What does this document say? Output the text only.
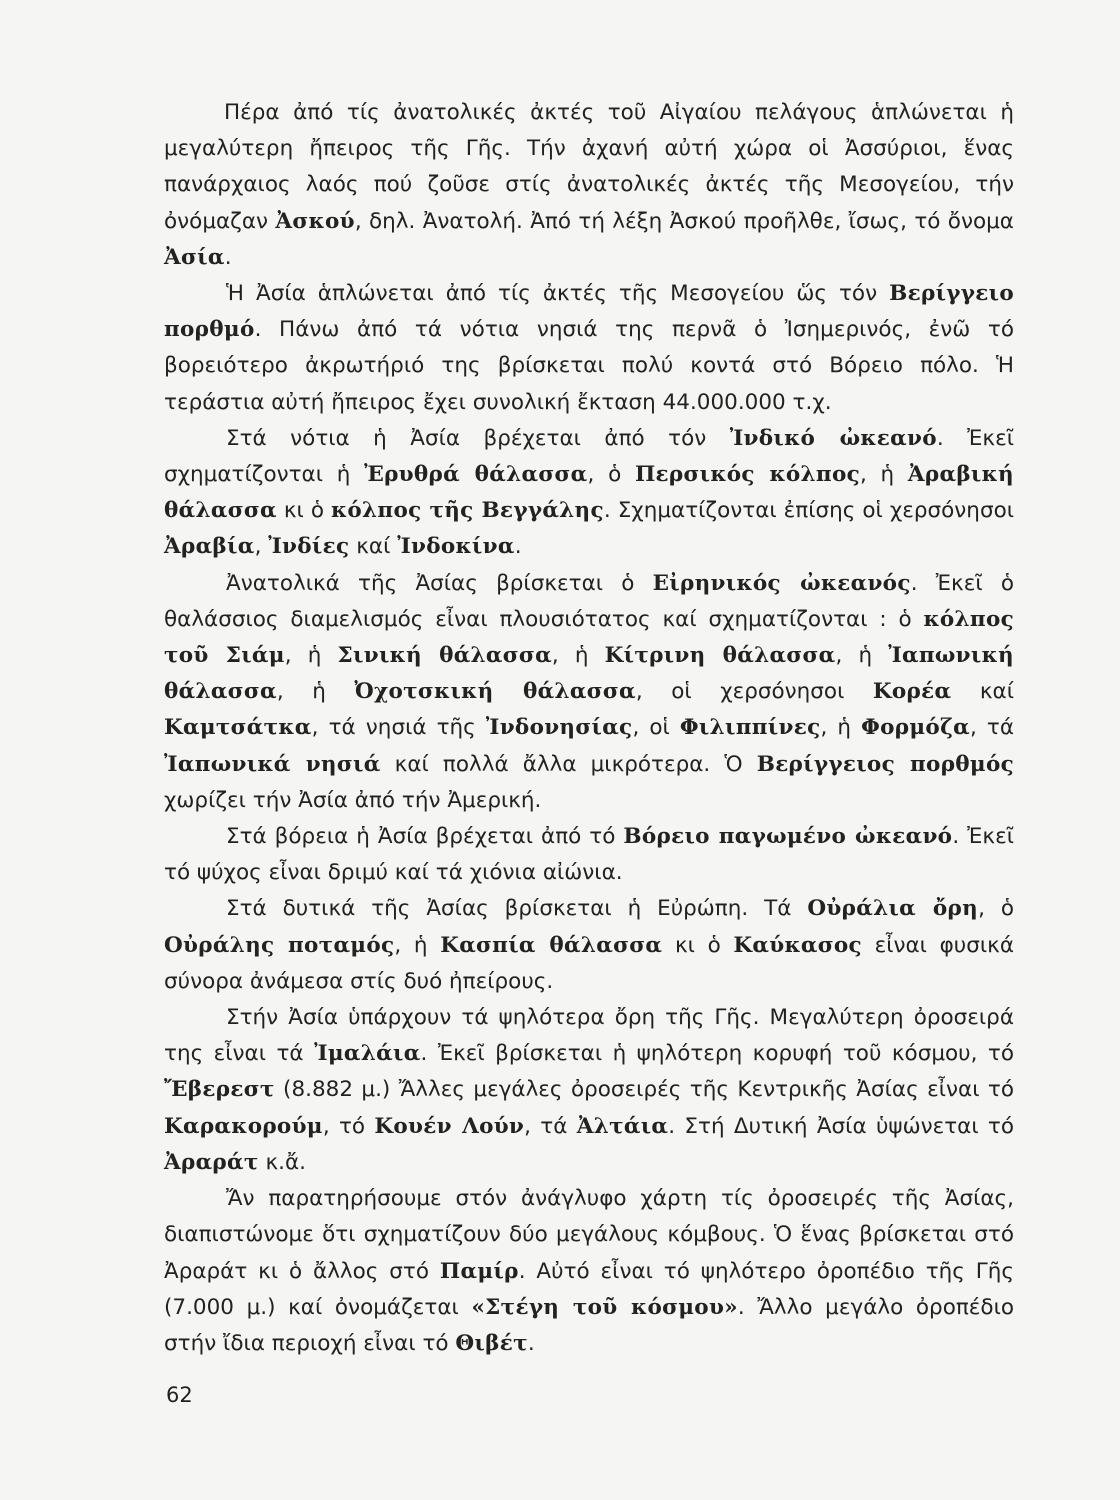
Πέρα ἀπό τίς ἀνατολικές ἀκτές τοῦ Αἰγαίου πελάγους ἁπλώνεται ἡ μεγαλύτερη ἤπειρος τῆς Γῆς. Τήν ἀχανή αὐτή χώρα οἱ Ἀσσύριοι, ἕνας πανάρχαιος λαός πού ζοῦσε στίς ἀνατολικές ἀκτές τῆς Μεσογείου, τήν ὀνόμαζαν Ἀσκού, δηλ. Ἀνατολή. Ἀπό τή λέξη Ἀσκού προῆλθε, ἴσως, τό ὄνομα Ἀσία.

Ἡ Ἀσία ἁπλώνεται ἀπό τίς ἀκτές τῆς Μεσογείου ὥς τόν Βερίγγειο πορθμό. Πάνω ἀπό τά νότια νησιά της περνᾶ ὁ Ἰσημερινός, ἐνῶ τό βορειότερο ἀκρωτήριό της βρίσκεται πολύ κοντά στό Βόρειο πόλο. Ἡ τεράστια αὐτή ἤπειρος ἔχει συνολική ἔκταση 44.000.000 τ.χ.

Στά νότια ἡ Ἀσία βρέχεται ἀπό τόν Ἰνδικό ὠκεανό. Ἐκεῖ σχηματίζονται ἡ Ἐρυθρά θάλασσα, ὁ Περσικός κόλπος, ἡ Ἀραβική θάλασσα κι ὁ κόλπος τῆς Βεγγάλης. Σχηματίζονται ἐπίσης οἱ χερσόνησοι Ἀραβία, Ἰνδίες καί Ἰνδοκίνα.

Ἀνατολικά τῆς Ἀσίας βρίσκεται ὁ Εἰρηνικός ὠκεανός. Ἐκεῖ ὁ θαλάσσιος διαμελισμός εἶναι πλουσιότατος καί σχηματίζονται : ὁ κόλπος τοῦ Σιάμ, ἡ Σινική θάλασσα, ἡ Κίτρινη θάλασσα, ἡ Ἰαπωνική θάλασσα, ἡ Ὀχοτσκική θάλασσα, οἱ χερσόνησοι Κορέα καί Καμτσάτκα, τά νησιά τῆς Ἰνδονησίας, οἱ Φιλιππίνες, ἡ Φορμόζα, τά Ἰαπωνικά νησιά καί πολλά ἄλλα μικρότερα. Ὁ Βερίγγειος πορθμός χωρίζει τήν Ἀσία ἀπό τήν Ἀμερική.

Στά βόρεια ἡ Ἀσία βρέχεται ἀπό τό Βόρειο παγωμένο ὠκεανό. Ἐκεῖ τό ψύχος εἶναι δριμύ καί τά χιόνια αἰώνια.

Στά δυτικά τῆς Ἀσίας βρίσκεται ἡ Εὐρώπη. Τά Οὐράλια ὄρη, ὁ Οὐράλης ποταμός, ἡ Κασπία θάλασσα κι ὁ Καύκασος εἶναι φυσικά σύνορα ἀνάμεσα στίς δυό ἠπείρους.

Στήν Ἀσία ὑπάρχουν τά ψηλότερα ὄρη τῆς Γῆς. Μεγαλύτερη ὀροσειρά της εἶναι τά Ἰμαλάια. Ἐκεῖ βρίσκεται ἡ ψηλότερη κορυφή τοῦ κόσμου, τό Ἔβερεστ (8.882 μ.) Ἄλλες μεγάλες ὀροσειρές τῆς Κεντρικῆς Ἀσίας εἶναι τό Καρακορούμ, τό Κουέν Λούν, τά Ἀλτάια. Στή Δυτική Ἀσία ὑψώνεται τό Ἀραράτ κ.ἄ.

Ἄν παρατηρήσουμε στόν ἀνάγλυφο χάρτη τίς ὀροσειρές τῆς Ἀσίας, διαπιστώνομε ὅτι σχηματίζουν δύο μεγάλους κόμβους. Ὁ ἕνας βρίσκεται στό Ἀραράτ κι ὁ ἄλλος στό Παμίρ. Αὐτό εἶναι τό ψηλότερο ὀροπέδιο τῆς Γῆς (7.000 μ.) καί ὀνομάζεται «Στέγη τοῦ κόσμου». Ἄλλο μεγάλο ὀροπέδιο στήν ἴδια περιοχή εἶναι τό Θιβέτ.

62
